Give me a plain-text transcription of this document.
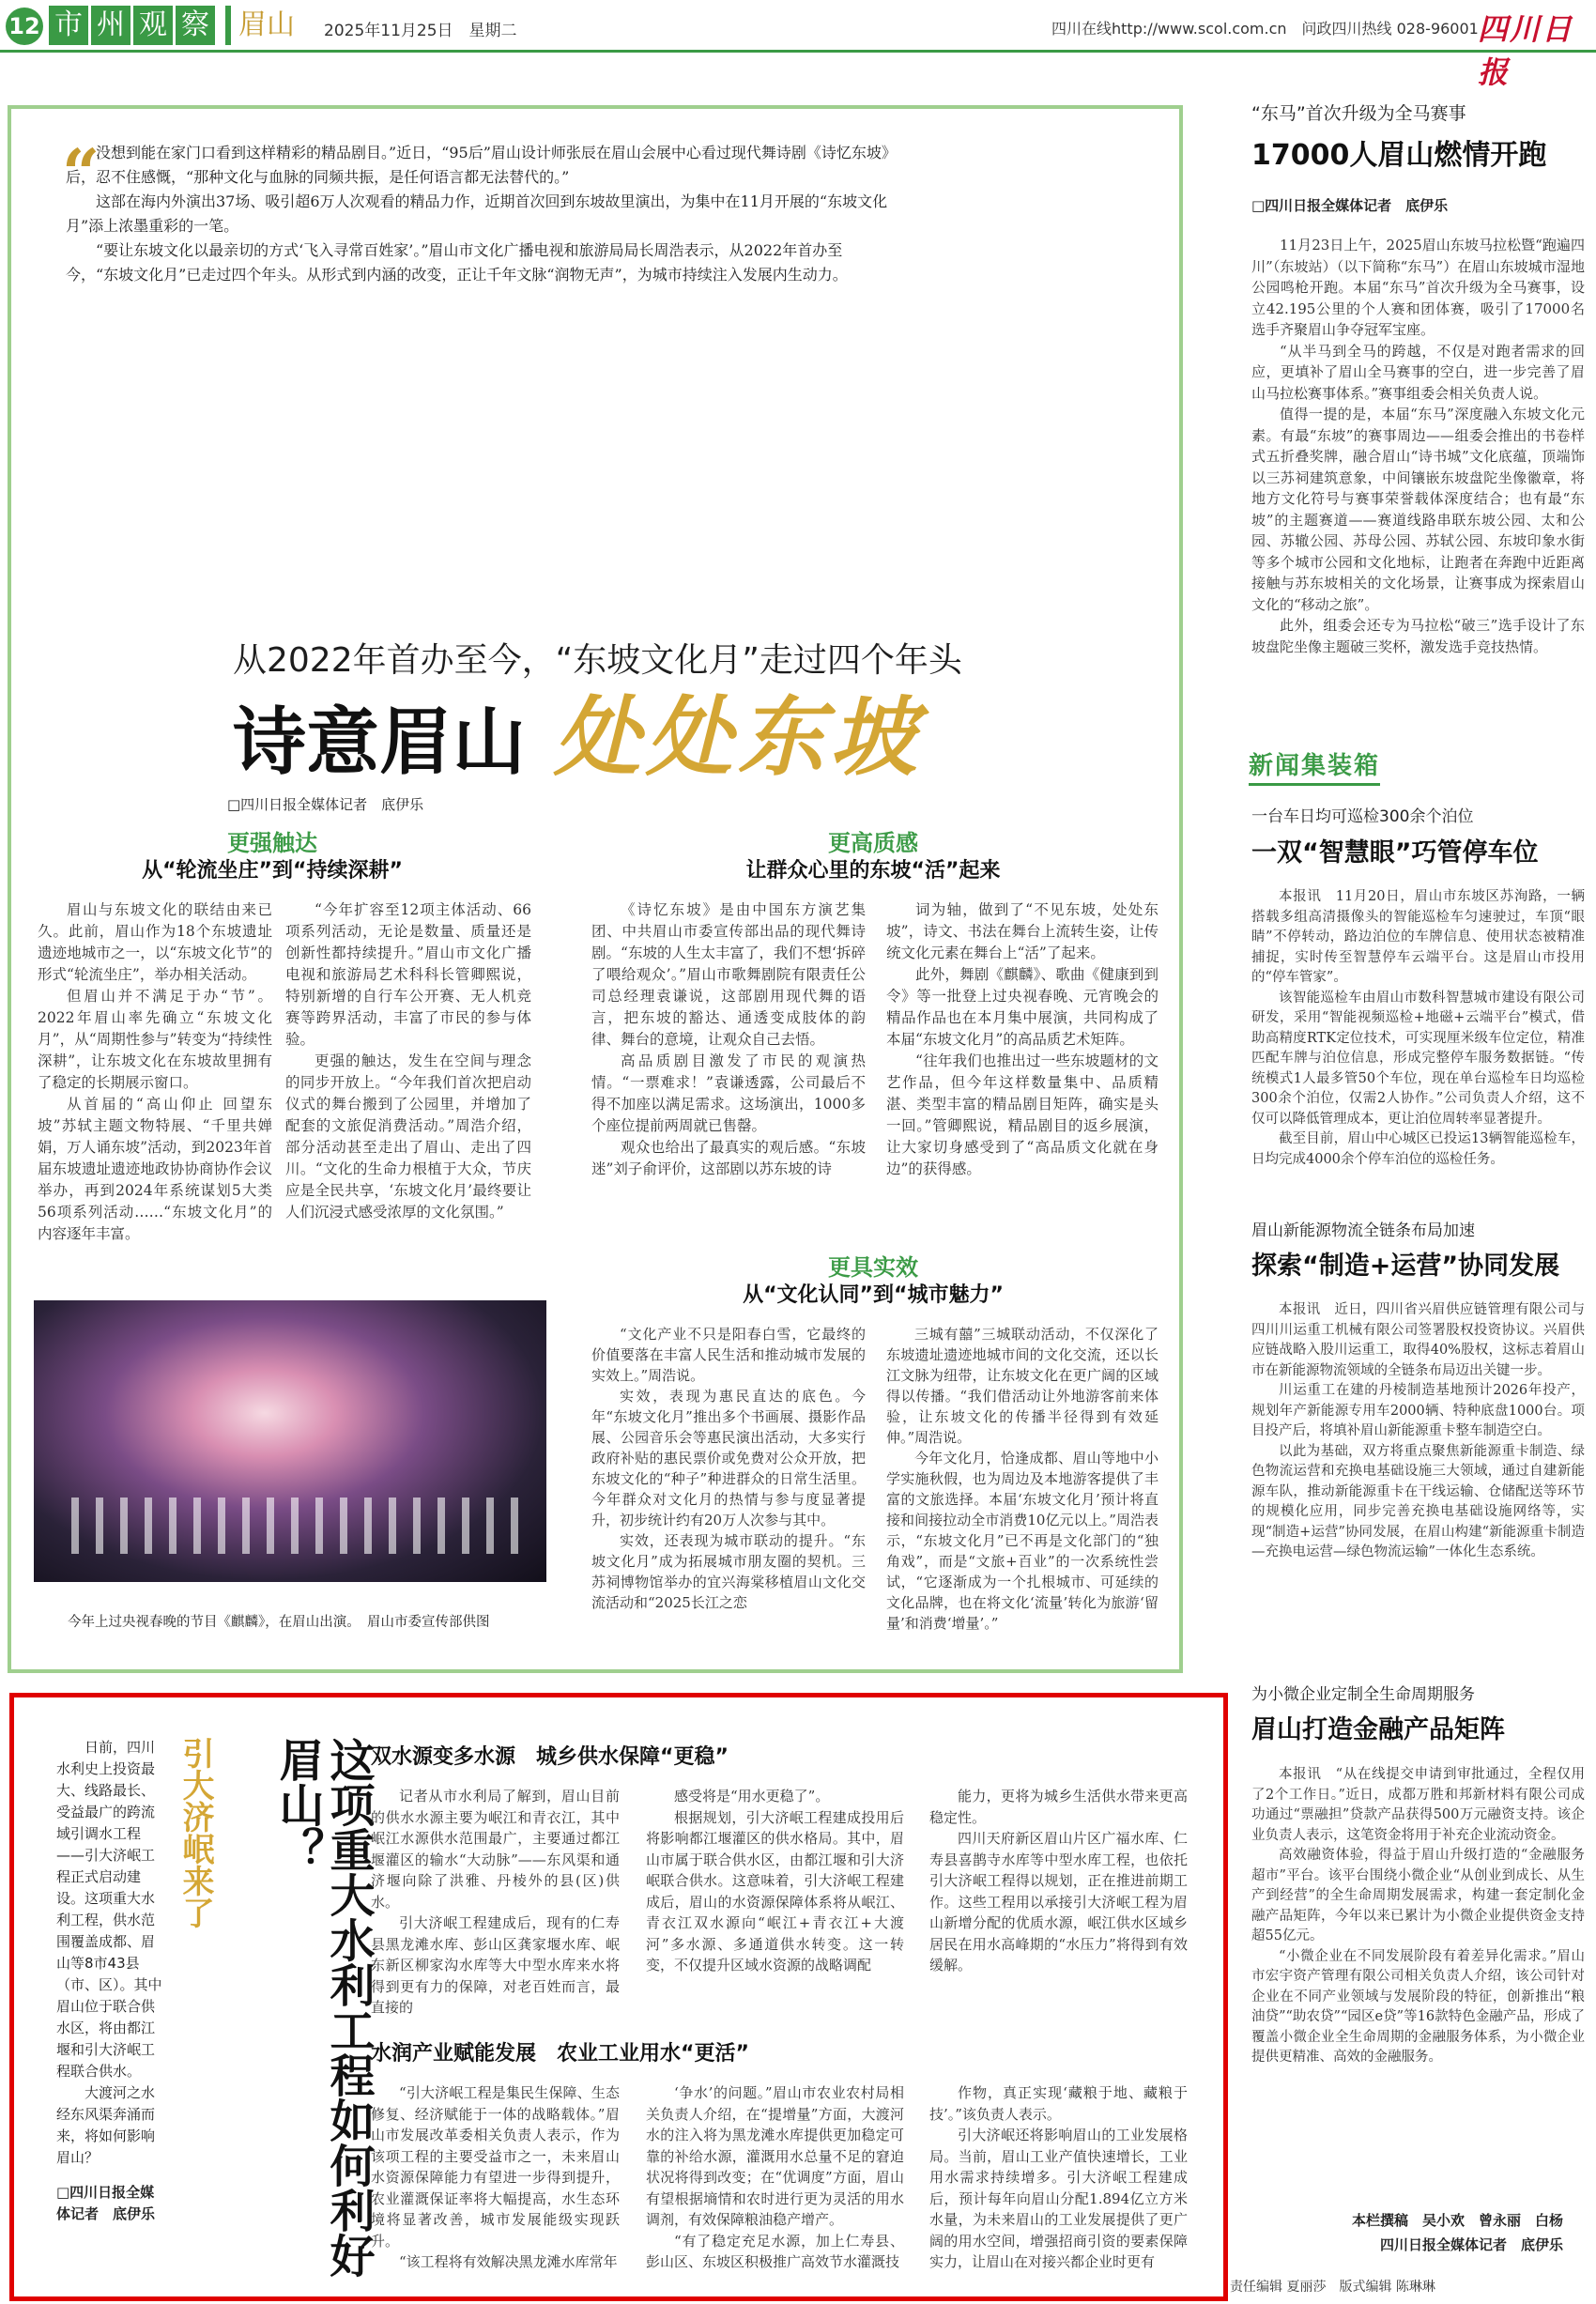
12 市 州 观 察	眉山	2025年11月25日　星期二	四川在线http://www.scol.com.cn　问政四川热线 028-96001 四川日报
“

没想到能在家门口看到这样精彩的精品剧目。”近日，“95后”眉山设计师张辰在眉山会展中心看过现代舞诗剧《诗忆东坡》后，忍不住感慨，“那种文化与血脉的同频共振，是任何语言都无法替代的。”

这部在海内外演出37场、吸引超6万人次观看的精品力作，近期首次回到东坡故里演出，为集中在11月开展的“东坡文化月”添上浓墨重彩的一笔。

“要让东坡文化以最亲切的方式‘飞入寻常百姓家’。”眉山市文化广播电视和旅游局局长周浩表示，从2022年首办至今，“东坡文化月”已走过四个年头。从形式到内涵的改变，正让千年文脉“润物无声”，为城市持续注入发展内生动力。

现代舞诗剧《诗忆东坡》首次在眉山出演。　受访者供图
从2022年首办至今，“东坡文化月”走过四个年头
诗意眉山 处处东坡
□四川日报全媒体记者　底伊乐
更强触达
从“轮流坐庄”到“持续深耕”

眉山与东坡文化的联结由来已久。此前，眉山作为18个东坡遗址遗迹地城市之一，以“东坡文化节”的形式“轮流坐庄”，举办相关活动。

但眉山并不满足于办“节”。2022年眉山率先确立“东坡文化月”，从“周期性参与”转变为“持续性深耕”，让东坡文化在东坡故里拥有了稳定的长期展示窗口。

从首届的“高山仰止 回望东坡”苏轼主题文物特展、“千里共婵娟，万人诵东坡”活动，到2023年首届东坡遗址遗迹地政协协商协作会议举办，再到2024年系统谋划5大类56项系列活动……“东坡文化月”的内容逐年丰富。

“今年扩容至12项主体活动、66项系列活动，无论是数量、质量还是创新性都持续提升。”眉山市文化广播电视和旅游局艺术科科长管卿熙说，特别新增的自行车公开赛、无人机竞赛等跨界活动，丰富了市民的参与体验。

更强的触达，发生在空间与理念的同步开放上。“今年我们首次把启动仪式的舞台搬到了公园里，并增加了配套的文旅促消费活动。”周浩介绍，部分活动甚至走出了眉山、走出了四川。“文化的生命力根植于大众，节庆应是全民共享，‘东坡文化月’最终要让人们沉浸式感受浓厚的文化氛围。”

更高质感
让群众心里的东坡“活”起来

《诗忆东坡》是由中国东方演艺集团、中共眉山市委宣传部出品的现代舞诗剧。“东坡的人生太丰富了，我们不想‘拆碎了喂给观众’。”眉山市歌舞剧院有限责任公司总经理袁谦说，这部剧用现代舞的语言，把东坡的豁达、通透变成肢体的韵律、舞台的意境，让观众自己去悟。

高品质剧目激发了市民的观演热情。“一票难求！”袁谦透露，公司最后不得不加座以满足需求。这场演出，1000多个座位提前两周就已售罄。

观众也给出了最真实的观后感。“东坡迷”刘子俞评价，这部剧以苏东坡的诗

词为轴，做到了“不见东坡，处处东坡”，诗文、书法在舞台上流转生姿，让传统文化元素在舞台上“活”了起来。

此外，舞剧《麒麟》、歌曲《健康到到令》等一批登上过央视春晚、元宵晚会的精品作品也在本月集中展演，共同构成了本届“东坡文化月”的高品质艺术矩阵。

“往年我们也推出过一些东坡题材的文艺作品，但今年这样数量集中、品质精湛、类型丰富的精品剧目矩阵，确实是头一回。”管卿熙说，精品剧目的返乡展演，让大家切身感受到了“高品质文化就在身边”的获得感。

更具实效
从“文化认同”到“城市魅力”

“文化产业不只是阳春白雪，它最终的价值要落在丰富人民生活和推动城市发展的实效上。”周浩说。

实效，表现为惠民直达的底色。今年“东坡文化月”推出多个书画展、摄影作品展、公园音乐会等惠民演出活动，大多实行政府补贴的惠民票价或免费对公众开放，把东坡文化的“种子”种进群众的日常生活里。今年群众对文化月的热情与参与度显著提升，初步统计约有20万人次参与其中。

实效，还表现为城市联动的提升。“东坡文化月”成为拓展城市朋友圈的契机。三苏祠博物馆举办的宜兴海棠移植眉山文化交流活动和“2025长江之恋

三城有囍”三城联动活动，不仅深化了东坡遗址遗迹地城市间的文化交流，还以长江文脉为纽带，让东坡文化在更广阔的区域得以传播。“我们借活动让外地游客前来体验，让东坡文化的传播半径得到有效延伸。”周浩说。

今年文化月，恰逢成都、眉山等地中小学实施秋假，也为周边及本地游客提供了丰富的文旅选择。本届‘东坡文化月’预计将直接和间接拉动全市消费10亿元以上。”周浩表示，“东坡文化月”已不再是文化部门的“独角戏”，而是“文旅+百业”的一次系统性尝试，“它逐渐成为一个扎根城市、可延续的文化品牌，也在将文化‘流量’转化为旅游‘留量’和消费‘增量’。”

今年上过央视春晚的节目《麒麟》，在眉山出演。　眉山市委宣传部供图
“东马”首次升级为全马赛事
17000人眉山燃情开跑
□四川日报全媒体记者　底伊乐

11月23日上午，2025眉山东坡马拉松暨“跑遍四川”（东坡站）（以下简称“东马”）在眉山东坡城市湿地公园鸣枪开跑。本届“东马”首次升级为全马赛事，设立42.195公里的个人赛和团体赛，吸引了17000名选手齐聚眉山争夺冠军宝座。

“从半马到全马的跨越，不仅是对跑者需求的回应，更填补了眉山全马赛事的空白，进一步完善了眉山马拉松赛事体系。”赛事组委会相关负责人说。

值得一提的是，本届“东马”深度融入东坡文化元素。有最“东坡”的赛事周边——组委会推出的书卷样式五折叠奖牌，融合眉山“诗书城”文化底蕴，顶端饰以三苏祠建筑意象，中间镶嵌东坡盘陀坐像徽章，将地方文化符号与赛事荣誉载体深度结合；也有最“东坡”的主题赛道——赛道线路串联东坡公园、太和公园、苏辙公园、苏母公园、苏轼公园、东坡印象水街等多个城市公园和文化地标，让跑者在奔跑中近距离接触与苏东坡相关的文化场景，让赛事成为探索眉山文化的“移动之旅”。

此外，组委会还专为马拉松“破三”选手设计了东坡盘陀坐像主题破三奖杯，激发选手竞技热情。

新闻集装箱
一台车日均可巡检300余个泊位
一双“智慧眼”巧管停车位

本报讯　11月20日，眉山市东坡区苏洵路，一辆搭载多组高清摄像头的智能巡检车匀速驶过，车顶“眼睛”不停转动，路边泊位的车牌信息、使用状态被精准捕捉，实时传至智慧停车云端平台。这是眉山市投用的“停车管家”。

该智能巡检车由眉山市数科智慧城市建设有限公司研发，采用“智能视频巡检+地磁+云端平台”模式，借助高精度RTK定位技术，可实现厘米级车位定位，精准匹配车牌与泊位信息，形成完整停车服务数据链。“传统模式1人最多管50个车位，现在单台巡检车日均巡检300余个泊位，仅需2人协作。”公司负责人介绍，这不仅可以降低管理成本，更让泊位周转率显著提升。

截至目前，眉山中心城区已投运13辆智能巡检车，日均完成4000余个停车泊位的巡检任务。

眉山新能源物流全链条布局加速
探索“制造+运营”协同发展

本报讯　近日，四川省兴眉供应链管理有限公司与四川川运重工机械有限公司签署股权投资协议。兴眉供应链战略入股川运重工，取得40%股权，这标志着眉山市在新能源物流领域的全链条布局迈出关键一步。

川运重工在建的丹棱制造基地预计2026年投产，规划年产新能源专用车2000辆、特种底盘1000台。项目投产后，将填补眉山新能源重卡整车制造空白。

以此为基础，双方将重点聚焦新能源重卡制造、绿色物流运营和充换电基础设施三大领域，通过自建新能源车队，推动新能源重卡在干线运输、仓储配送等环节的规模化应用，同步完善充换电基础设施网络等，实现“制造+运营”协同发展，在眉山构建“新能源重卡制造—充换电运营—绿色物流运输”一体化生态系统。

为小微企业定制全生命周期服务
眉山打造金融产品矩阵

本报讯　“从在线提交申请到审批通过，全程仅用了2个工作日。”近日，成都万胜和邦新材料有限公司成功通过“票融担”贷款产品获得500万元融资支持。该企业负责人表示，这笔资金将用于补充企业流动资金。

高效融资体验，得益于眉山升级打造的“金融服务超市”平台。该平台围绕小微企业“从创业到成长、从生产到经营”的全生命周期发展需求，构建一套定制化金融产品矩阵，今年以来已累计为小微企业提供资金支持超55亿元。

“小微企业在不同发展阶段有着差异化需求。”眉山市宏宇资产管理有限公司相关负责人介绍，该公司针对企业在不同产业领域与发展阶段的特征，创新推出“粮油贷”“助农贷”“园区e贷”等16款特色金融产品，形成了覆盖小微企业全生命周期的金融服务体系，为小微企业提供更精准、高效的金融服务。

本栏撰稿　吴小欢　曾永丽　白杨
四川日报全媒体记者　底伊乐

日前，四川水利史上投资最大、线路最长、受益最广的跨流域引调水工程——引大济岷工程正式启动建设。这项重大水利工程，供水范围覆盖成都、眉山等8市43县（市、区）。其中眉山位于联合供水区，将由都江堰和引大济岷工程联合供水。

大渡河之水经东风渠奔涌而来，将如何影响眉山？

□四川日报全媒体记者　底伊乐
引大济岷来了	这项重大水利工程如何利好眉山？	双水源变多水源　城乡供水保障“更稳”

记者从市水利局了解到，眉山目前的供水水源主要为岷江和青衣江，其中岷江水源供水范围最广，主要通过都江堰灌区的输水“大动脉”——东风渠和通济堰向除了洪雅、丹棱外的县(区)供水。

引大济岷工程建成后，现有的仁寿县黑龙滩水库、彭山区龚家堰水库、岷东新区柳家沟水库等大中型水库来水将得到更有力的保障，对老百姓而言，最直接的

感受将是“用水更稳了”。

根据规划，引大济岷工程建成投用后将影响都江堰灌区的供水格局。其中，眉山市属于联合供水区，由都江堰和引大济岷联合供水。这意味着，引大济岷工程建成后，眉山的水资源保障体系将从岷江、青衣江双水源向“岷江+青衣江+大渡河”多水源、多通道供水转变。这一转变，不仅提升区域水资源的战略调配

能力，更将为城乡生活供水带来更高稳定性。

四川天府新区眉山片区广福水库、仁寿县喜鹊寺水库等中型水库工程，也依托引大济岷工程得以规划，正在推进前期工作。这些工程用以承接引大济岷工程为眉山新增分配的优质水源，岷江供水区域乡居民在用水高峰期的“水压力”将得到有效缓解。

水润产业赋能发展　农业工业用水“更活”

“引大济岷工程是集民生保障、生态修复、经济赋能于一体的战略载体。”眉山市发展改革委相关负责人表示，作为该项工程的主要受益市之一，未来眉山水资源保障能力有望进一步得到提升，农业灌溉保证率将大幅提高，水生态环境将显著改善，城市发展能级实现跃升。

“该工程将有效解决黑龙滩水库常年

‘争水’的问题。”眉山市农业农村局相关负责人介绍，在“提增量”方面，大渡河水的注入将为黑龙滩水库提供更加稳定可靠的补给水源，灌溉用水总量不足的窘迫状况将得到改变；在“优调度”方面，眉山有望根据墒情和农时进行更为灵活的用水调剂，有效保障粮油稳产增产。

“有了稳定充足水源，加上仁寿县、彭山区、东坡区积极推广高效节水灌溉技

作物，真正实现‘藏粮于地、藏粮于技’。”该负责人表示。

引大济岷还将影响眉山的工业发展格局。当前，眉山工业产值快速增长，工业用水需求持续增多。引大济岷工程建成后，预计每年向眉山分配1.894亿立方米水量，为未来眉山的工业发展提供了更广阔的用水空间，增强招商引资的要素保障实力，让眉山在对接兴都企业时更有

责任编辑 夏丽莎　版式编辑 陈琳琳
